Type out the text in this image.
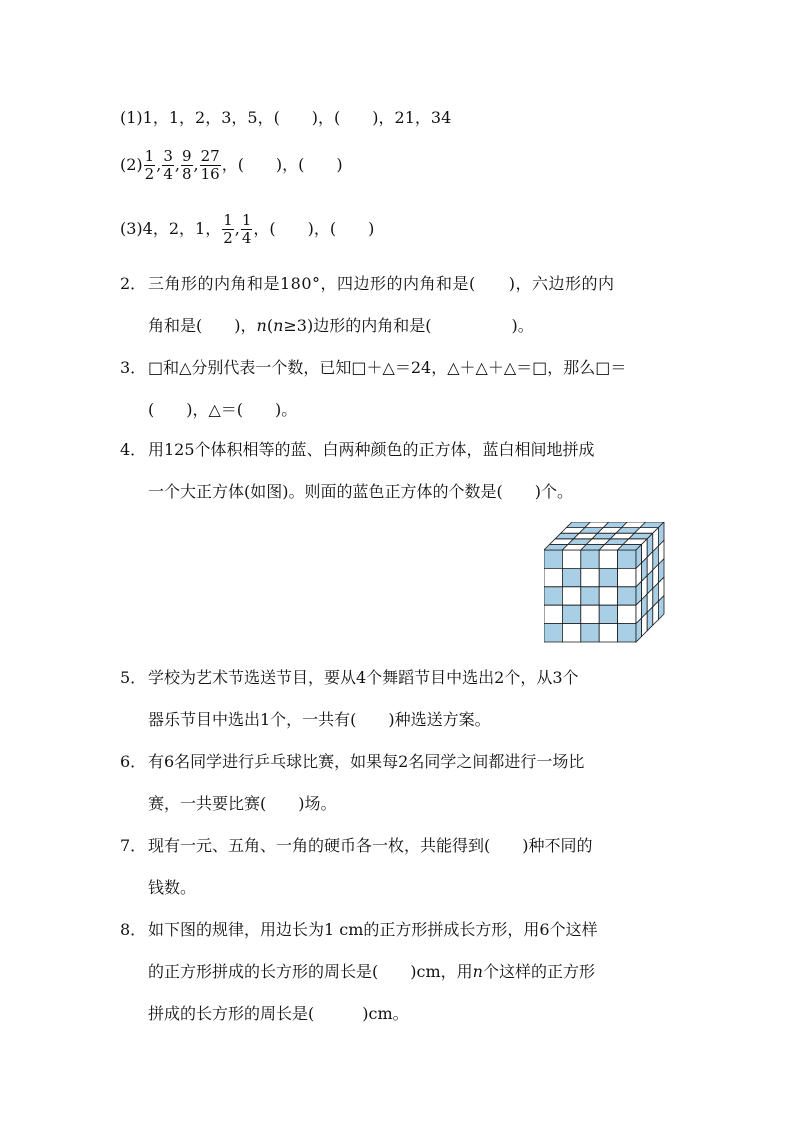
(1)1，1，2，3，5，(　　)，(　　)，21，34
$(2) \frac{1}{2}$ , $\frac{3}{4}$ , $\frac{9}{8}$ , $\frac{27}{16}$ ，(　　)，(　　)
(3)4，2，1， $\frac{1}{2}$ , $\frac{1}{4}$ ，(　　)，(　　)
2． 三角形的内角和是180°，四边形的内角和是(　　)，六边形的内
角和是(　　)，n(n≥3)边形的内角和是(　　　　　)。
3． □和△分别代表一个数，已知□＋△＝24，△＋△＋△＝□，那么□＝
(　　)，△＝(　　)。
4． 用125个体积相等的蓝、白两种颜色的正方体，蓝白相间地拼成
一个大正方体(如图)。则面的蓝色正方体的个数是(　　)个。
5． 学校为艺术节选送节目，要从4个舞蹈节目中选出2个，从3个
器乐节目中选出1个，一共有(　　)种选送方案。
6． 有6名同学进行乒乓球比赛，如果每2名同学之间都进行一场比
赛，一共要比赛(　　)场。
7． 现有一元、五角、一角的硬币各一枚，共能得到(　　)种不同的
钱数。
8． 如下图的规律，用边长为1 cm的正方形拼成长方形，用6个这样
的正方形拼成的长方形的周长是(　　)cm，用n个这样的正方形
拼成的长方形的周长是(　　　)cm。
